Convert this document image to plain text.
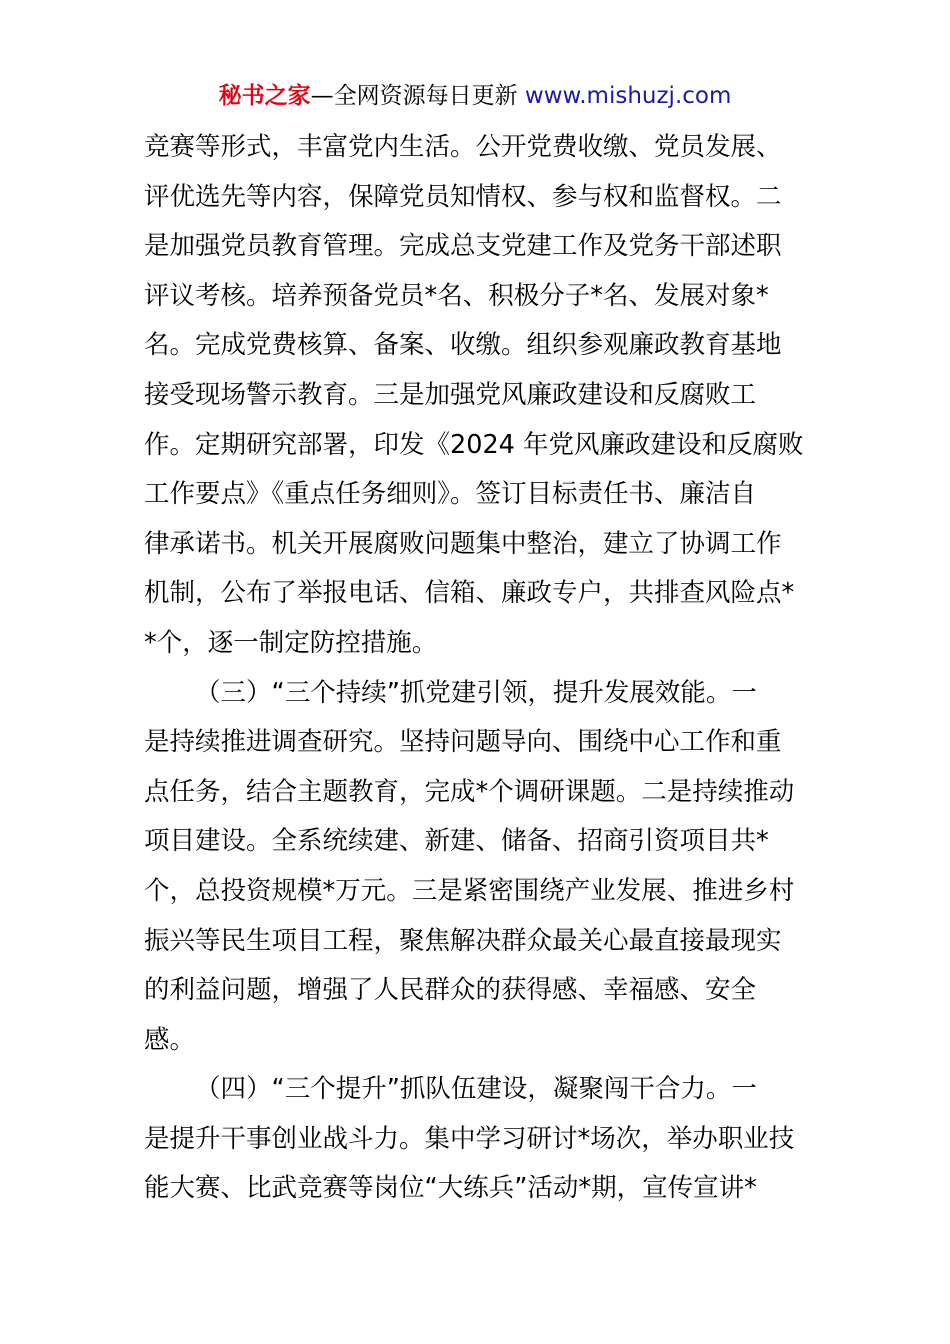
秘书之家—全网资源每日更新 www.mishuzj.com
竞赛等形式，丰富党内生活。公开党费收缴、党员发展、
评优选先等内容，保障党员知情权、参与权和监督权。二
是加强党员教育管理。完成总支党建工作及党务干部述职
评议考核。培养预备党员*名、积极分子*名、发展对象*
名。完成党费核算、备案、收缴。组织参观廉政教育基地
接受现场警示教育。三是加强党风廉政建设和反腐败工
作。定期研究部署，印发《2024 年党风廉政建设和反腐败
工作要点》《重点任务细则》。签订目标责任书、廉洁自
律承诺书。机关开展腐败问题集中整治，建立了协调工作
机制，公布了举报电话、信箱、廉政专户，共排查风险点*
*个，逐一制定防控措施。
（三）“三个持续”抓党建引领，提升发展效能。一
是持续推进调查研究。坚持问题导向、围绕中心工作和重
点任务，结合主题教育，完成*个调研课题。二是持续推动
项目建设。全系统续建、新建、储备、招商引资项目共*
个，总投资规模*万元。三是紧密围绕产业发展、推进乡村
振兴等民生项目工程，聚焦解决群众最关心最直接最现实
的利益问题，增强了人民群众的获得感、幸福感、安全
感。
（四）“三个提升”抓队伍建设，凝聚闯干合力。一
是提升干事创业战斗力。集中学习研讨*场次，举办职业技
能大赛、比武竞赛等岗位“大练兵”活动*期，宣传宣讲*
